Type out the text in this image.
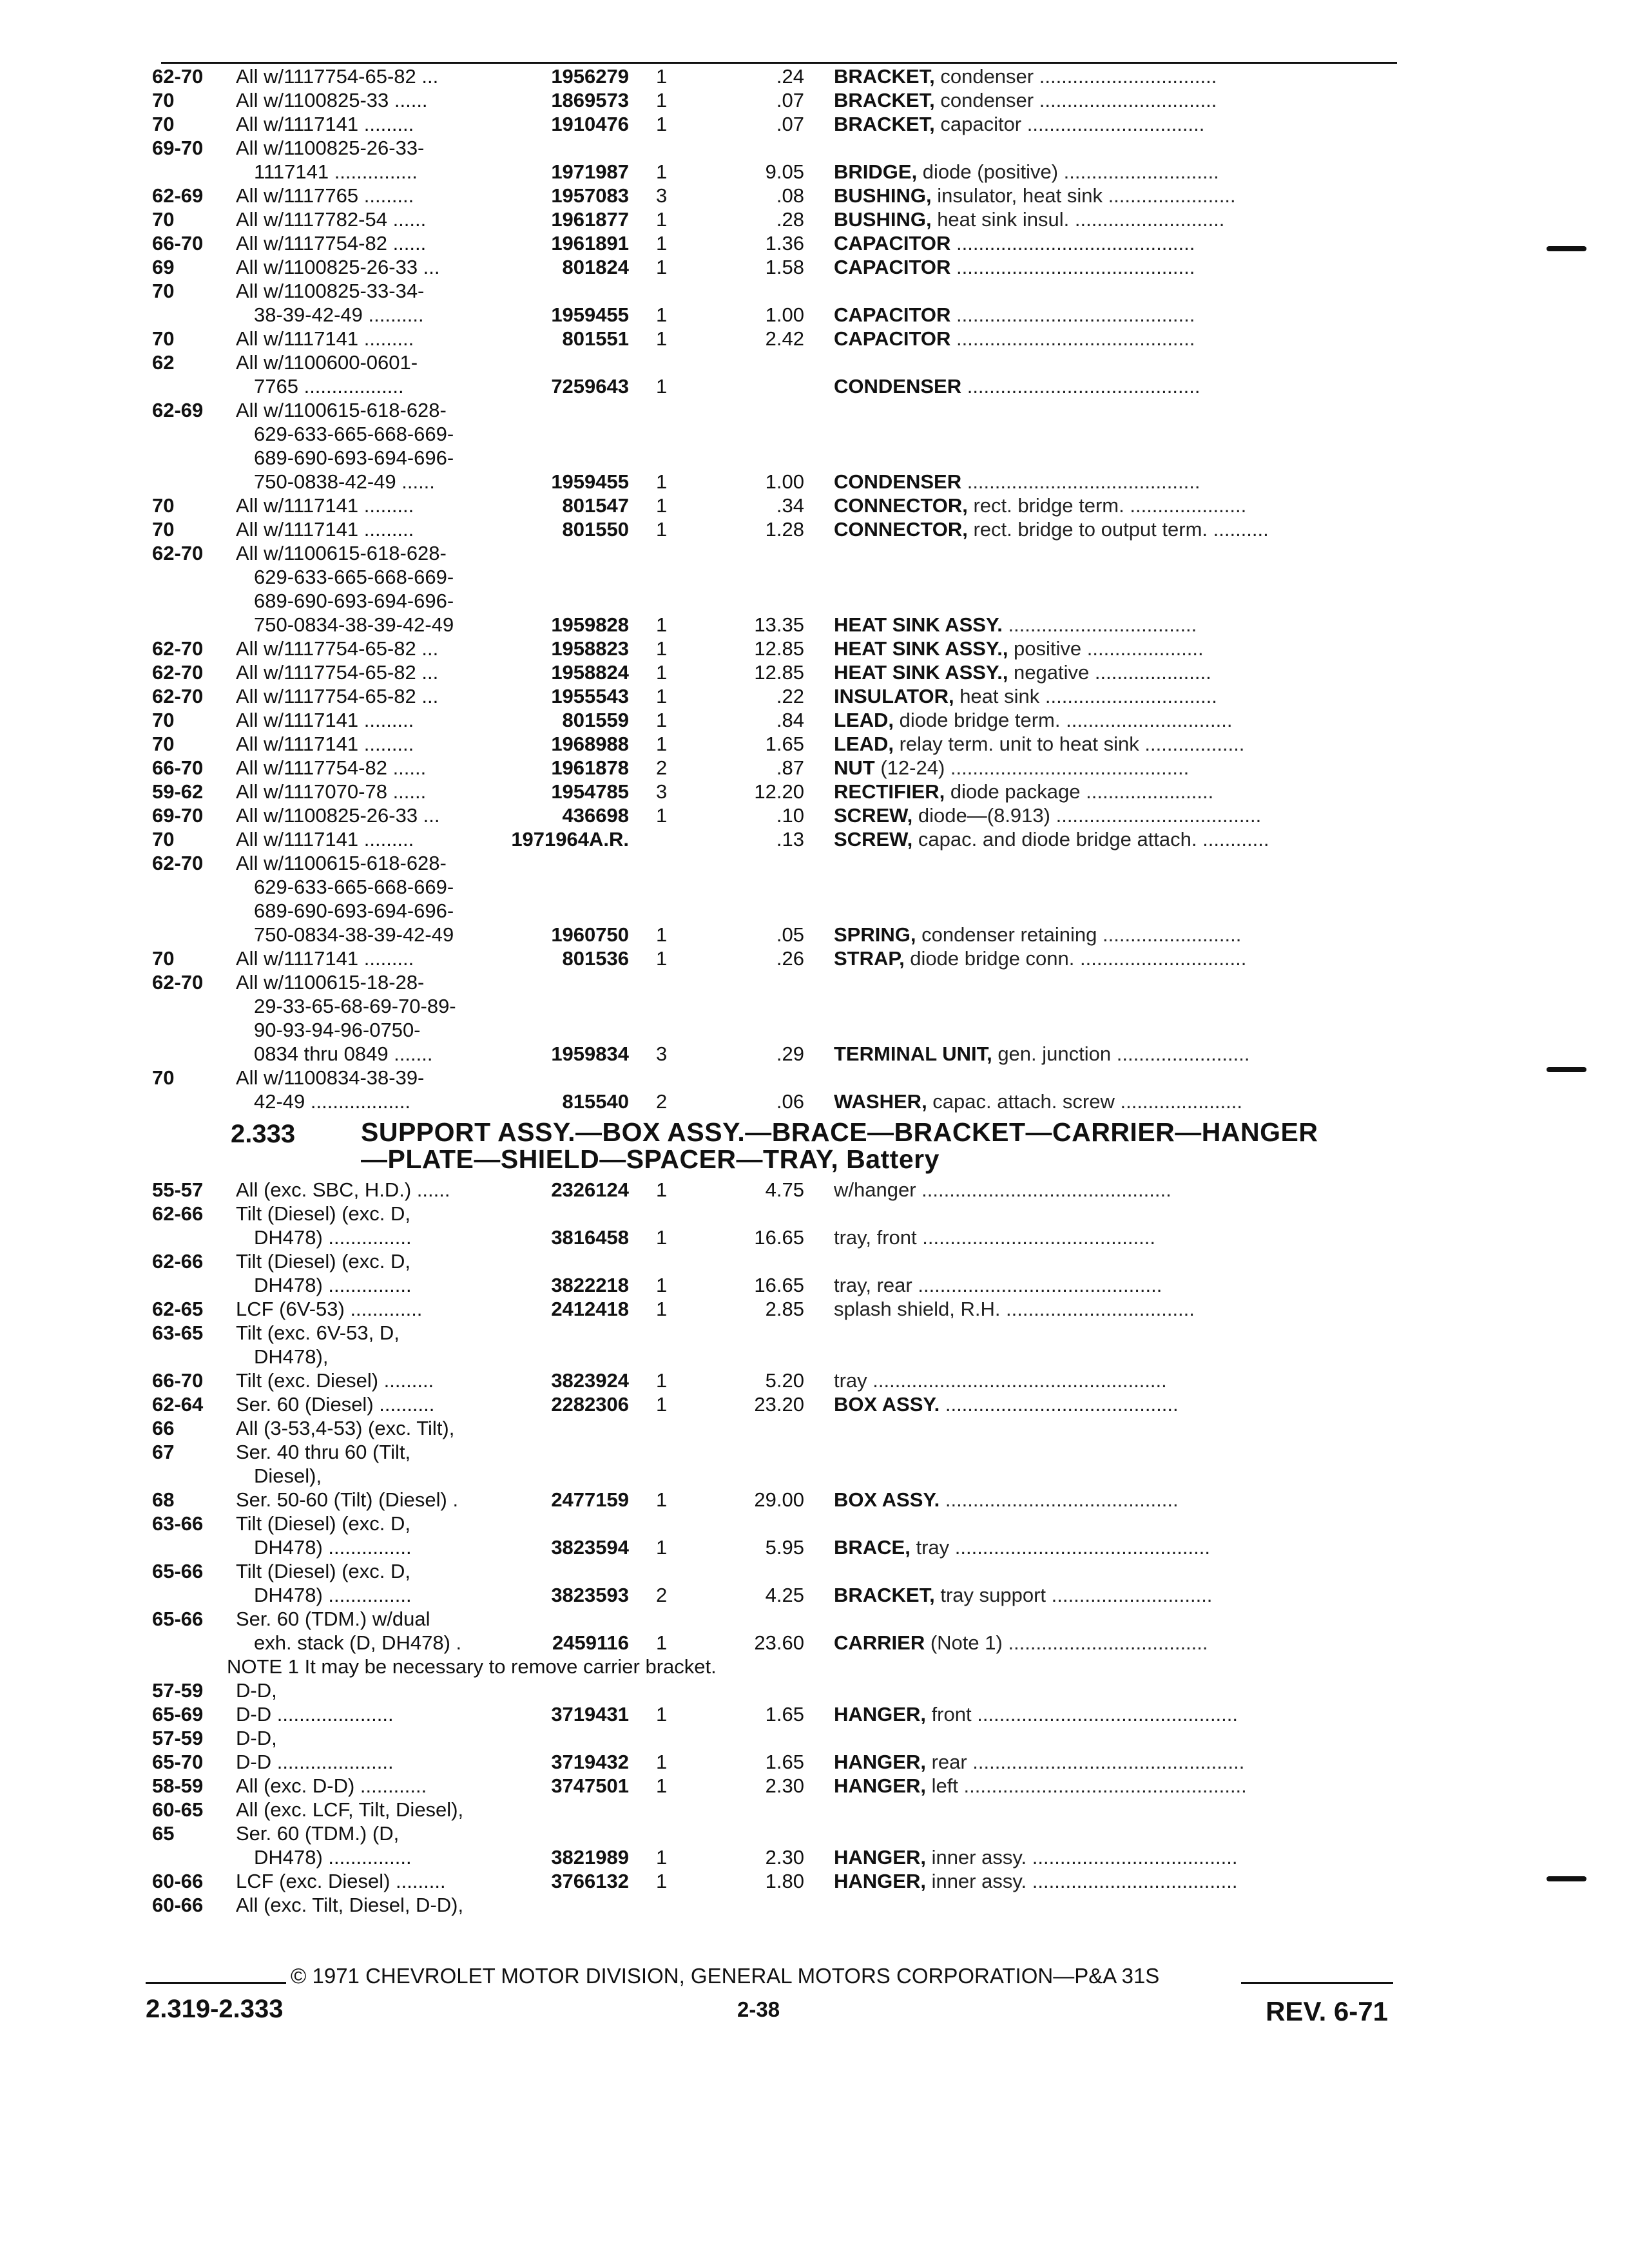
62-70 All w/1117754-65-82 ...	1956279 1	.24 BRACKET, condenser ................................
70	All w/1100825-33 ......	1869573 1	.07 BRACKET, condenser ................................
70	All w/1117141 .........	1910476 1	.07 BRACKET, capacitor ................................
69-70 All w/1100825-26-33-
1117141 ...............	1971987 1	9.05 BRIDGE, diode (positive) ............................
62-69 All w/1117765 .........	1957083 3	.08 BUSHING, insulator, heat sink .......................
70	All w/1117782-54 ......	1961877 1	.28 BUSHING, heat sink insul. ...........................
66-70 All w/1117754-82 ......	1961891 1	1.36 CAPACITOR ...........................................
69	All w/1100825-26-33 ...	801824 1	1.58 CAPACITOR ...........................................
70	All w/1100825-33-34-
38-39-42-49 ..........	1959455 1	1.00 CAPACITOR ...........................................
70	All w/1117141 .........	801551 1	2.42 CAPACITOR ...........................................
62	All w/1100600-0601-
7765 ..................	7259643 1	CONDENSER ..........................................
62-69 All w/1100615-618-628-
629-633-665-668-669-
689-690-693-694-696-
750-0838-42-49 ......	1959455 1	1.00 CONDENSER ..........................................
70	All w/1117141 .........	801547 1	.34 CONNECTOR, rect. bridge term. .....................
70	All w/1117141 .........	801550 1	1.28 CONNECTOR, rect. bridge to output term. ..........
62-70 All w/1100615-618-628-
629-633-665-668-669-
689-690-693-694-696-
750-0834-38-39-42-49	1959828 1	13.35 HEAT SINK ASSY. ..................................
62-70 All w/1117754-65-82 ...	1958823 1	12.85 HEAT SINK ASSY., positive .....................
62-70 All w/1117754-65-82 ...	1958824 1	12.85 HEAT SINK ASSY., negative .....................
62-70 All w/1117754-65-82 ...	1955543 1	.22 INSULATOR, heat sink ...............................
70	All w/1117141 .........	801559 1	.84 LEAD, diode bridge term. ..............................
70	All w/1117141 .........	1968988 1	1.65 LEAD, relay term. unit to heat sink ..................
66-70 All w/1117754-82 ......	1961878 2	.87 NUT (12-24) ...........................................
59-62 All w/1117070-78 ......	1954785 3	12.20 RECTIFIER, diode package .......................
69-70 All w/1100825-26-33 ...	436698 1	.10 SCREW, diode—(8.913) .....................................
70	All w/1117141 .........	1971964A.R.	.13 SCREW, capac. and diode bridge attach. ............
62-70 All w/1100615-618-628-
629-633-665-668-669-
689-690-693-694-696-
750-0834-38-39-42-49	1960750 1	.05 SPRING, condenser retaining .........................
70	All w/1117141 .........	801536 1	.26 STRAP, diode bridge conn. ..............................
62-70 All w/1100615-18-28-
29-33-65-68-69-70-89-
90-93-94-96-0750-
0834 thru 0849 .......	1959834 3	.29 TERMINAL UNIT, gen. junction ........................
70	All w/1100834-38-39-
42-49 ..................	815540 2	.06 WASHER, capac. attach. screw ......................
2.333 SUPPORT ASSY.—BOX ASSY.—BRACE—BRACKET—CARRIER—HANGER
—PLATE—SHIELD—SPACER—TRAY, Battery
55-57 All (exc. SBC, H.D.) ......	2326124 1	4.75 w/hanger .............................................
62-66 Tilt (Diesel) (exc. D,
DH478) ...............	3816458 1	16.65 tray, front ..........................................
62-66 Tilt (Diesel) (exc. D,
DH478) ...............	3822218 1	16.65 tray, rear ............................................
62-65 LCF (6V-53) .............	2412418 1	2.85 splash shield, R.H. ..................................
63-65 Tilt (exc. 6V-53, D,
DH478),
66-70 Tilt (exc. Diesel) .........	3823924 1	5.20 tray .....................................................
62-64 Ser. 60 (Diesel) ..........	2282306 1	23.20 BOX ASSY. ..........................................
66	All (3-53,4-53) (exc. Tilt),
67	Ser. 40 thru 60 (Tilt,
Diesel),
68	Ser. 50-60 (Tilt) (Diesel) .	2477159 1	29.00 BOX ASSY. ..........................................
63-66 Tilt (Diesel) (exc. D,
DH478) ...............	3823594 1	5.95 BRACE, tray ..............................................
65-66 Tilt (Diesel) (exc. D,
DH478) ...............	3823593 2	4.25 BRACKET, tray support .............................
65-66 Ser. 60 (TDM.) w/dual
exh. stack (D, DH478) .	2459116 1	23.60 CARRIER (Note 1) ....................................
NOTE 1 It may be necessary to remove carrier bracket.
57-59 D-D,
65-69 D-D .....................	3719431 1	1.65 HANGER, front ...............................................
57-59 D-D,
65-70 D-D .....................	3719432 1	1.65 HANGER, rear .................................................
58-59 All (exc. D-D) ............	3747501 1	2.30 HANGER, left ...................................................
60-65 All (exc. LCF, Tilt, Diesel),
65	Ser. 60 (TDM.) (D,
DH478) ...............	3821989 1	2.30 HANGER, inner assy. .....................................
60-66 LCF (exc. Diesel) .........	3766132 1	1.80 HANGER, inner assy. .....................................
60-66 All (exc. Tilt, Diesel, D-D),
© 1971 CHEVROLET MOTOR DIVISION, GENERAL MOTORS CORPORATION—P&A 31S
2.319-2.333	2-38	REV. 6-71
